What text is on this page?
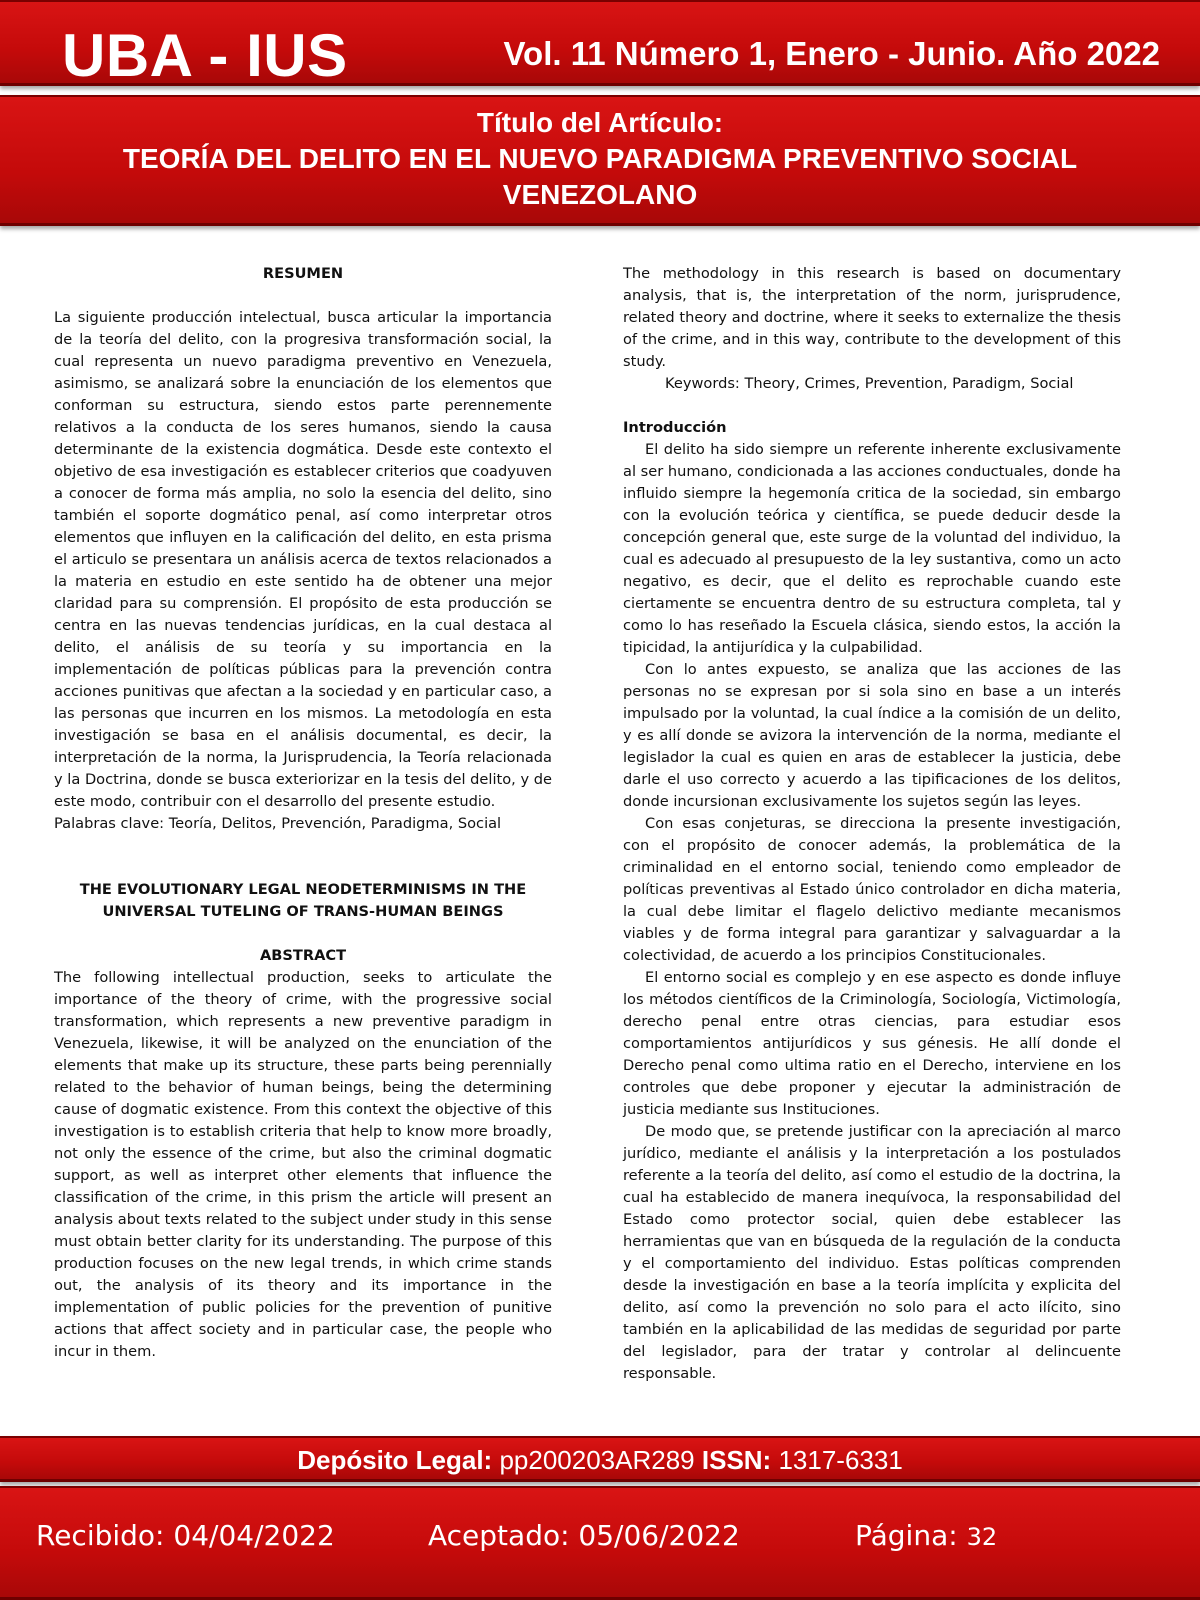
UBA - IUS	Vol. 11 Número 1, Enero - Junio. Año 2022
Título del Artículo:
TEORÍA DEL DELITO EN EL NUEVO PARADIGMA PREVENTIVO SOCIAL VENEZOLANO

RESUMEN

La siguiente producción intelectual, busca articular la importancia de la teoría del delito, con la progresiva transformación social, la cual representa un nuevo paradigma preventivo en Venezuela, asimismo, se analizará sobre la enunciación de los elementos que conforman su estructura, siendo estos parte perennemente relativos a la conducta de los seres humanos, siendo la causa determinante de la existencia dogmática. Desde este contexto el objetivo de esa investigación es establecer criterios que coadyuven a conocer de forma más amplia, no solo la esencia del delito, sino también el soporte dogmático penal, así como interpretar otros elementos que influyen en la calificación del delito, en esta prisma el articulo se presentara un análisis acerca de textos relacionados a la materia en estudio en este sentido ha de obtener una mejor claridad para su comprensión. El propósito de esta producción se centra en las nuevas tendencias jurídicas, en la cual destaca al delito, el análisis de su teoría y su importancia en la implementación de políticas públicas para la prevención contra acciones punitivas que afectan a la sociedad y en particular caso, a las personas que incurren en los mismos. La metodología en esta investigación se basa en el análisis documental, es decir, la interpretación de la norma, la Jurisprudencia, la Teoría relacionada y la Doctrina, donde se busca exteriorizar en la tesis del delito, y de este modo, contribuir con el desarrollo del presente estudio.

Palabras clave: Teoría, Delitos, Prevención, Paradigma, Social

THE EVOLUTIONARY LEGAL NEODETERMINISMS IN THE

UNIVERSAL TUTELING OF TRANS-HUMAN BEINGS

ABSTRACT

The following intellectual production, seeks to articulate the importance of the theory of crime, with the progressive social transformation, which represents a new preventive paradigm in Venezuela, likewise, it will be analyzed on the enunciation of the elements that make up its structure, these parts being perennially related to the behavior of human beings, being the determining cause of dogmatic existence. From this context the objective of this investigation is to establish criteria that help to know more broadly, not only the essence of the crime, but also the criminal dogmatic support, as well as interpret other elements that influence the classification of the crime, in this prism the article will present an analysis about texts related to the subject under study in this sense must obtain better clarity for its understanding. The purpose of this production focuses on the new legal trends, in which crime stands out, the analysis of its theory and its importance in the implementation of public policies for the prevention of punitive actions that affect society and in particular case, the people who incur in them.

The methodology in this research is based on documentary analysis, that is, the interpretation of the norm, jurisprudence, related theory and doctrine, where it seeks to externalize the thesis of the crime, and in this way, contribute to the development of this study.

Keywords: Theory, Crimes, Prevention, Paradigm, Social

Introducción

El delito ha sido siempre un referente inherente exclusivamente al ser humano, condicionada a las acciones conductuales, donde ha influido siempre la hegemonía critica de la sociedad, sin embargo con la evolución teórica y científica, se puede deducir desde la concepción general que, este surge de la voluntad del individuo, la cual es adecuado al presupuesto de la ley sustantiva, como un acto negativo, es decir, que el delito es reprochable cuando este ciertamente se encuentra dentro de su estructura completa, tal y como lo has reseñado la Escuela clásica, siendo estos, la acción la tipicidad, la antijurídica y la culpabilidad.

Con lo antes expuesto, se analiza que las acciones de las personas no se expresan por si sola sino en base a un interés impulsado por la voluntad, la cual índice a la comisión de un delito, y es allí donde se avizora la intervención de la norma, mediante el legislador la cual es quien en aras de establecer la justicia, debe darle el uso correcto y acuerdo a las tipificaciones de los delitos, donde incursionan exclusivamente los sujetos según las leyes.

Con esas conjeturas, se direcciona la presente investigación, con el propósito de conocer además, la problemática de la criminalidad en el entorno social, teniendo como empleador de políticas preventivas al Estado único controlador en dicha materia, la cual debe limitar el flagelo delictivo mediante mecanismos viables y de forma integral para garantizar y salvaguardar a la colectividad, de acuerdo a los principios Constitucionales.

El entorno social es complejo y en ese aspecto es donde influye los métodos científicos de la Criminología, Sociología, Victimología, derecho penal entre otras ciencias, para estudiar esos comportamientos antijurídicos y sus génesis. He allí donde el Derecho penal como ultima ratio en el Derecho, interviene en los controles que debe proponer y ejecutar la administración de justicia mediante sus Instituciones.

De modo que, se pretende justificar con la apreciación al marco jurídico, mediante el análisis y la interpretación a los postulados referente a la teoría del delito, así como el estudio de la doctrina, la cual ha establecido de manera inequívoca, la responsabilidad del Estado como protector social, quien debe establecer las herramientas que van en búsqueda de la regulación de la conducta y el comportamiento del individuo. Estas políticas comprenden desde la investigación en base a la teoría implícita y explicita del delito, así como la prevención no solo para el acto ilícito, sino también en la aplicabilidad de las medidas de seguridad por parte del legislador, para der tratar y controlar al delincuente responsable.

Depósito Legal: pp200203AR289 ISSN: 1317-6331
Recibido: 04/04/2022	Aceptado: 05/06/2022	Página: 32
